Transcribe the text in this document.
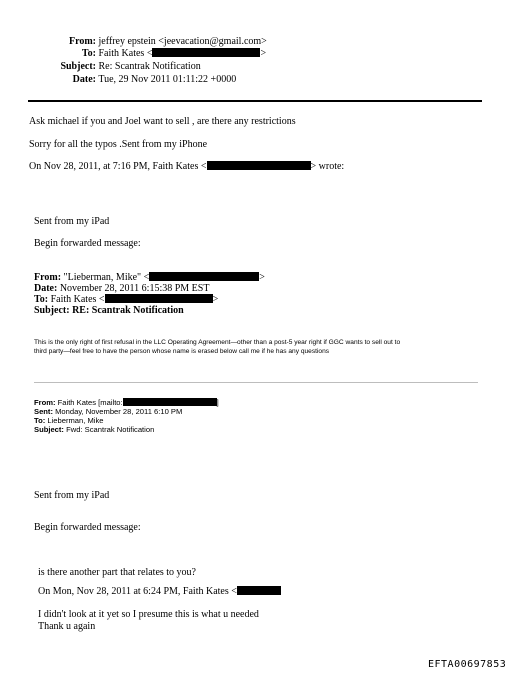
From: jeffrey epstein <jeevacation@gmail.com>
To: Faith Kates <	>
Subject: Re: Scantrak Notification
Date: Tue, 29 Nov 2011 01:11:22 +0000
Ask michael if you and Joel want to sell , are there any restrictions
Sorry for all the typos .Sent from my iPhone
On Nov 28, 2011, at 7:16 PM, Faith Kates <	> wrote:
Sent from my iPad
Begin forwarded message:
From: "Lieberman, Mike" <	>
Date: November 28, 2011 6:15:38 PM EST
To: Faith Kates <	>
Subject: RE: Scantrak Notification
This is the only right of first refusal in the LLC Operating Agreement—other than a post-5 year right if GGC wants to sell out to
third party—feel free to have the person whose name is erased below call me if he has any questions
From: Faith Kates [mailto:	]
Sent: Monday, November 28, 2011 6:10 PM
To: Lieberman, Mike
Subject: Fwd: Scantrak Notification
Sent from my iPad
Begin forwarded message:
is there another part that relates to you?
On Mon, Nov 28, 2011 at 6:24 PM, Faith Kates <
I didn't look at it yet so I presume this is what u needed
Thank u again
EFTA00697853
